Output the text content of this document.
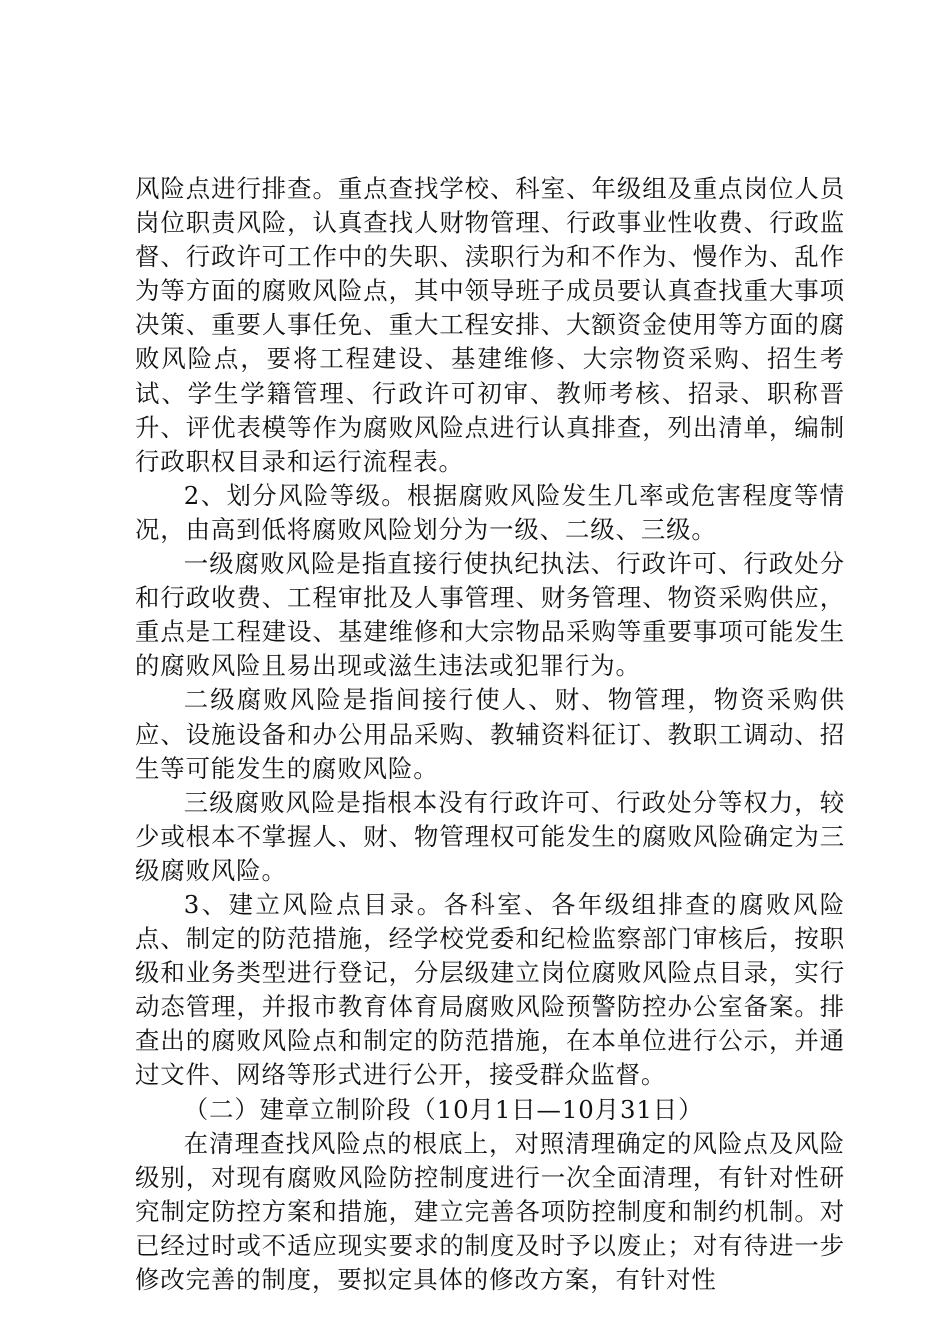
风险点进行排查。重点查找学校、科室、年级组及重点岗位人员岗位职责风险，认真查找人财物管理、行政事业性收费、行政监督、行政许可工作中的失职、渎职行为和不作为、慢作为、乱作为等方面的腐败风险点，其中领导班子成员要认真查找重大事项决策、重要人事任免、重大工程安排、大额资金使用等方面的腐败风险点，要将工程建设、基建维修、大宗物资采购、招生考试、学生学籍管理、行政许可初审、教师考核、招录、职称晋升、评优表模等作为腐败风险点进行认真排查，列出清单，编制行政职权目录和运行流程表。

2、划分风险等级。根据腐败风险发生几率或危害程度等情况，由高到低将腐败风险划分为一级、二级、三级。

一级腐败风险是指直接行使执纪执法、行政许可、行政处分和行政收费、工程审批及人事管理、财务管理、物资采购供应，重点是工程建设、基建维修和大宗物品采购等重要事项可能发生的腐败风险且易出现或滋生违法或犯罪行为。

二级腐败风险是指间接行使人、财、物管理，物资采购供应、设施设备和办公用品采购、教辅资料征订、教职工调动、招生等可能发生的腐败风险。

三级腐败风险是指根本没有行政许可、行政处分等权力，较少或根本不掌握人、财、物管理权可能发生的腐败风险确定为三级腐败风险。

3、建立风险点目录。各科室、各年级组排查的腐败风险点、制定的防范措施，经学校党委和纪检监察部门审核后，按职级和业务类型进行登记，分层级建立岗位腐败风险点目录，实行动态管理，并报市教育体育局腐败风险预警防控办公室备案。排查出的腐败风险点和制定的防范措施，在本单位进行公示，并通过文件、网络等形式进行公开，接受群众监督。

（二）建章立制阶段（10月1日—10月31日）

在清理查找风险点的根底上，对照清理确定的风险点及风险级别，对现有腐败风险防控制度进行一次全面清理，有针对性研究制定防控方案和措施，建立完善各项防控制度和制约机制。对已经过时或不适应现实要求的制度及时予以废止；对有待进一步修改完善的制度，要拟定具体的修改方案，有针对性
